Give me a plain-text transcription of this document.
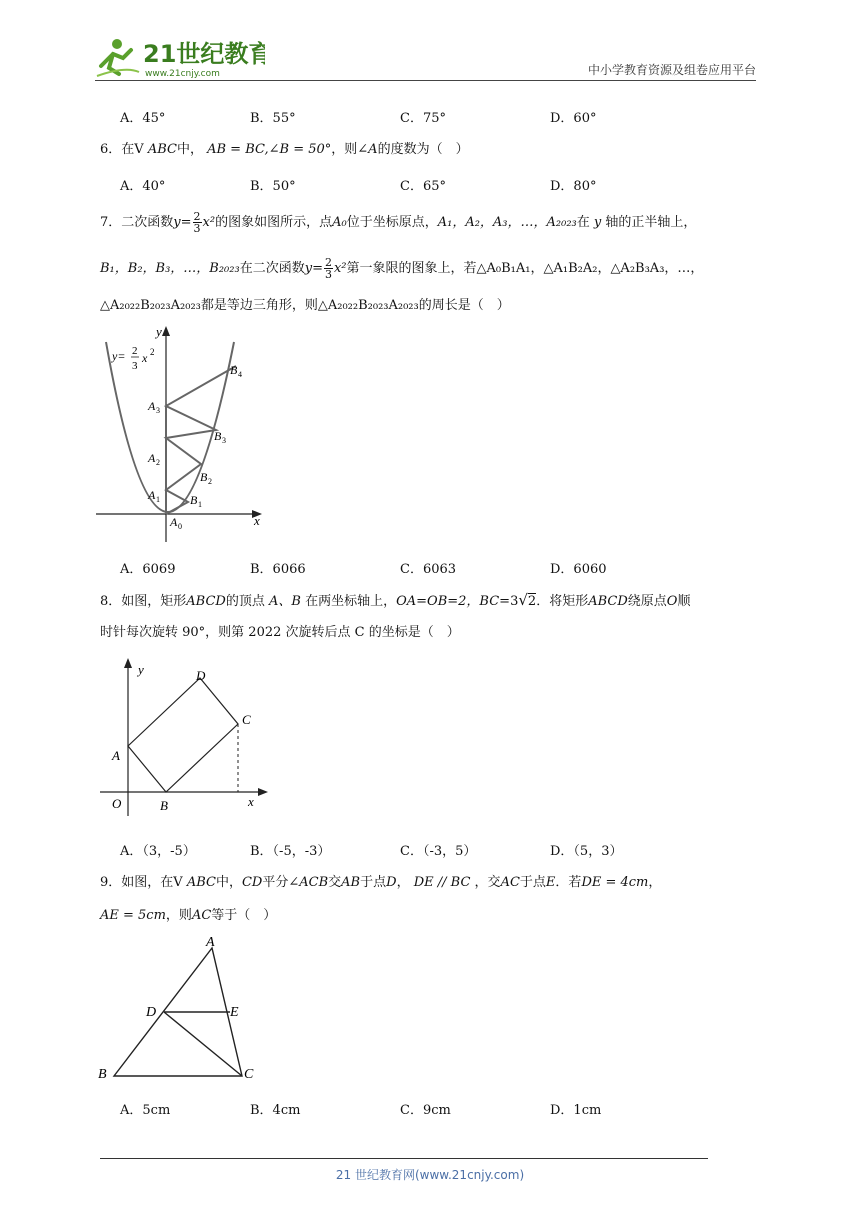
21世纪教育
www.21cnjy.com	中小学教育资源及组卷应用平台
A．45°	B．55°	C．75°	D．60°
6．在V ABC中， AB = BC,∠B = 50°，则∠A的度数为（　）
A．40°	B．50°	C．65°	D．80°
7．二次函数$y= \frac{2}{3} x^2$的图象如图所示，点A₀位于坐标原点，A₁，A₂，A₃，…，A₂₀₂₃在 y 轴的正半轴上，
B₁，B₂，B₃，…，B₂₀₂₃在二次函数$y= \frac{2}{3} x^2$第一象限的图象上，若△A₀B₁A₁，△A₁B₂A₂，△A₂B₃A₃，…，
△A₂₀₂₂B₂₀₂₃A₂₀₂₃都是等边三角形，则△A₂₀₂₂B₂₀₂₃A₂₀₂₃的周长是（　）
y
x
y= 2
3
x 2
A 0
A 1
A 2
A 3
B 1
B 2
B 3
B 4
A．6069	B．6066	C．6063	D．6060
8．如图，矩形ABCD的顶点 A、B 在两坐标轴上，OA=OB=2，BC=3√2．将矩形ABCD绕原点O顺
时针每次旋转 90°，则第 2022 次旋转后点 C 的坐标是（　）
y
x
O
A
B
C
D
A．（3，-5）	B．（-5，-3）	C．（-3，5）	D．（5，3）
9．如图，在V ABC中，CD平分∠ACB交AB于点D， DE // BC ，交AC于点E．若DE = 4cm，
AE = 5cm，则AC等于（　）
A
B	C
D	E
A．5cm	B．4cm	C．9cm	D．1cm
21 世纪教育网(www.21cnjy.com)
